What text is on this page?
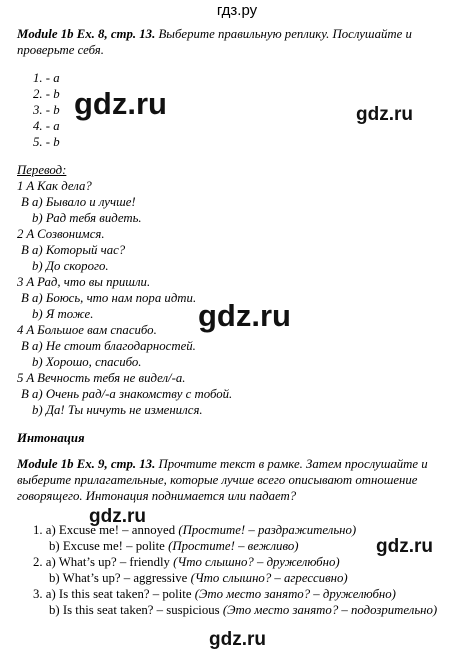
гдз.ру
Module 1b Ex. 8, стр. 13. Выберите правильную реплику. Послушайте и
проверьте себя.
1. - a
2. - b
3. - b
4. - a
5. - b
gdz.ru	gdz.ru
Перевод:
1 A Как дела?
B a) Бывало и лучше!
b) Рад тебя видеть.
2 A Созвонимся.
B a) Который час?
b) До скорого.
3 A Рад, что вы пришли.
B a) Боюсь, что нам пора идти.
b) Я тоже.
4 A Большое вам спасибо.
B a) Не стоит благодарностей.
b) Хорошо, спасибо.
5 A Вечность тебя не видел/-а.
B a) Очень рад/-а знакомству с тобой.
b) Да! Ты ничуть не изменился.
gdz.ru
Интонация
Module 1b Ex. 9, стр. 13. Прочтите текст в рамке. Затем прослушайте и
выберите прилагательные, которые лучше всего описывают отношение
говорящего. Интонация поднимается или падает?
gdz.ru
gdz.ru
1. a) Excuse me! – annoyed (Простите! – раздражительно)
b) Excuse me! – polite (Простите! – вежливо)
2. a) What’s up? – friendly (Что слышно? – дружелюбно)
b) What’s up? – aggressive (Что слышно? – агрессивно)
3. a) Is this seat taken? – polite (Это место занято? – дружелюбно)
b) Is this seat taken? – suspicious (Это место занято? – подозрительно)
gdz.ru
